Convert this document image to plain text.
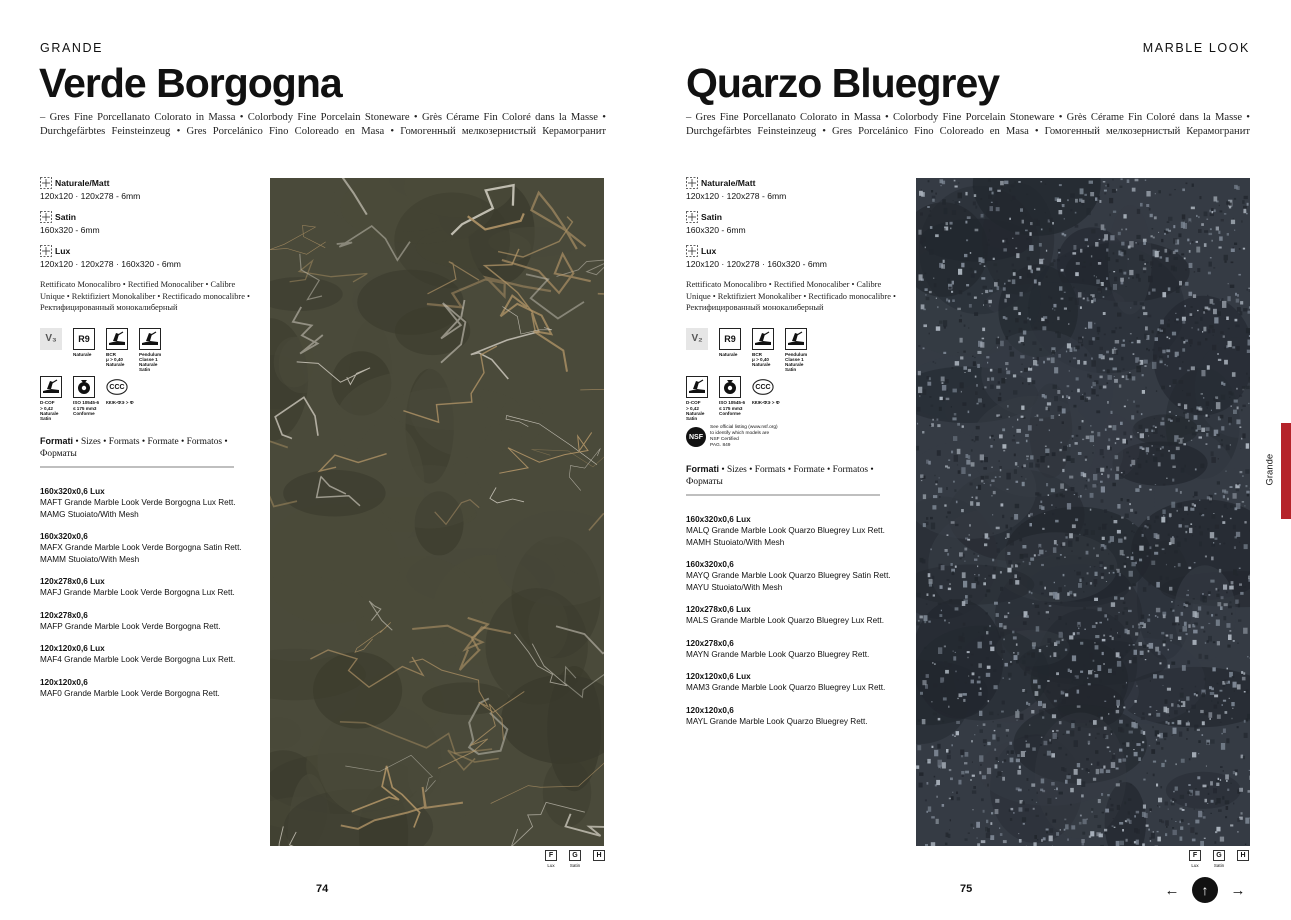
GRANDE
Verde Borgogna

– Gres Fine Porcellanato Colorato in Massa • Colorbody Fine Porcelain Stoneware • Grès Cérame Fin Coloré dans la Masse • Durchgefärbtes Feinsteinzeug • Gres Porcelánico Fino Coloreado en Masa • Гомогенный мелкозернистый Керамогранит

Naturale/Matt
120x120 · 120x278 - 6mm
Satin
160x320 - 6mm
Lux
120x120 · 120x278 · 160x320 - 6mm
Rettificato Monocalibro • Rectified Monocaliber • Calibre Unique • Rektifiziert Monokaliber • Rectificado monocalibre • Ректифицированный монокалиберный
V₃	R9
Naturale	BCR
μ > 0,40
Naturale
Pendulum
Classe 1
Naturale
Satin
D-COF
> 0,42
Naturale
Satin
ISO 10545-6
≤ 175 mm3
Conforme
CCC
ККЖ-ФЭ > Ф
Formati • Sizes • Formats • Formate • Formatos • Форматы
160x320x0,6 Lux
MAFT Grande Marble Look Verde Borgogna Lux Rett.
MAMG Stuoiato/With Mesh
160x320x0,6
MAFX Grande Marble Look Verde Borgogna Satin Rett.
MAMM Stuoiato/With Mesh
120x278x0,6 Lux
MAFJ Grande Marble Look Verde Borgogna Lux Rett.
120x278x0,6
MAFP Grande Marble Look Verde Borgogna Rett.
120x120x0,6 Lux
MAF4 Grande Marble Look Verde Borgogna Lux Rett.
120x120x0,6
MAF0 Grande Marble Look Verde Borgogna Rett.
F
Lux
G
Satin
H
74
MARBLE LOOK
Quarzo Bluegrey

– Gres Fine Porcellanato Colorato in Massa • Colorbody Fine Porcelain Stoneware • Grès Cérame Fin Coloré dans la Masse • Durchgefärbtes Feinsteinzeug • Gres Porcelánico Fino Coloreado en Masa • Гомогенный мелкозернистый Керамогранит

Naturale/Matt
120x120 · 120x278 - 6mm
Satin
160x320 - 6mm
Lux
120x120 · 120x278 · 160x320 - 6mm
Rettificato Monocalibro • Rectified Monocaliber • Calibre Unique • Rektifiziert Monokaliber • Rectificado monocalibre • Ректифицированный монокалиберный
V₂	R9
Naturale	BCR
μ > 0,40
Naturale
Pendulum
Classe 1
Naturale
Satin
D-COF
> 0,42
Naturale
Satin
ISO 10545-6
≤ 175 mm3
Conforme
CCC
ККЖ-ФЭ > Ф
NSF
See official listing (www.nsf.org)
to identify which models are
NSF Certified
PAG. 849
Formati • Sizes • Formats • Formate • Formatos • Форматы
160x320x0,6 Lux
MALQ Grande Marble Look Quarzo Bluegrey Lux Rett.
MAMH Stuoiato/With Mesh
160x320x0,6
MAYQ Grande Marble Look Quarzo Bluegrey Satin Rett.
MAYU Stuoiato/With Mesh
120x278x0,6 Lux
MALS Grande Marble Look Quarzo Bluegrey Lux Rett.
120x278x0,6
MAYN Grande Marble Look Quarzo Bluegrey Rett.
120x120x0,6 Lux
MAM3 Grande Marble Look Quarzo Bluegrey Lux Rett.
120x120x0,6
MAYL Grande Marble Look Quarzo Bluegrey Rett.
F
Lux
G
Satin
H
75
Grande
←	↑	→
